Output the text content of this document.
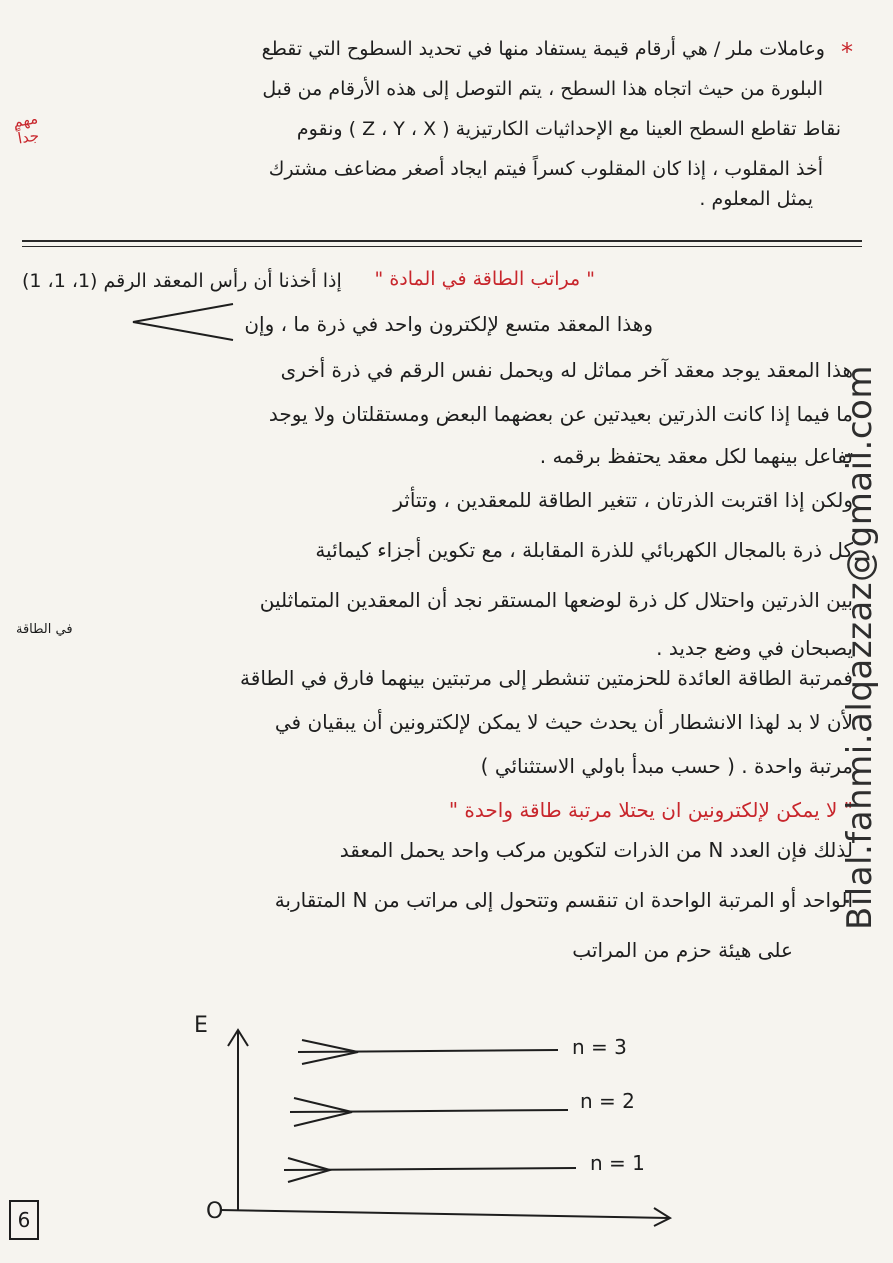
*
وعاملات ملر / هي أرقام قيمة يستفاد منها في تحديد السطوح التي تقطع
البلورة من حيث اتجاه هذا السطح ، يتم التوصل إلى هذه الأرقام من قبل
نقاط تقاطع السطح العينا مع الإحداثيات الكارتيزية ( Z ، Y ، X ) ونقوم
أخذ المقلوب ، إذا كان المقلوب كسراً فيتم ايجاد أصغر مضاعف مشترك
يمثل المعلوم .
مهم جداً
" مراتب الطاقة في المادة "
إذا أخذنا أن رأس المعقد الرقم (1، 1، 1)
وهذا المعقد متسع لإلكترون واحد في ذرة ما ، وإن
هذا المعقد يوجد معقد آخر مماثل له ويحمل نفس الرقم في ذرة أخرى
ما فيما إذا كانت الذرتين بعيدتين عن بعضهما البعض ومستقلتان ولا يوجد
تفاعل بينهما لكل معقد يحتفظ برقمه .
ولكن إذا اقتربت الذرتان ، تتغير الطاقة للمعقدين ، وتتأثر
كل ذرة بالمجال الكهربائي للذرة المقابلة ، مع تكوين أجزاء كيمائية
بين الذرتين واحتلال كل ذرة لوضعها المستقر نجد أن المعقدين المتماثلين
يصبحان في وضع جديد .
في الطاقة
فمرتبة الطاقة العائدة للحزمتين تنشطر إلى مرتبتين بينهما فارق في الطاقة
لأن لا بد لهذا الانشطار أن يحدث حيث لا يمكن لإلكترونين أن يبقيان في
مرتبة واحدة . ( حسب مبدأ باولي الاستثنائي )
" لا يمكن لإلكترونين ان يحتلا مرتبة طاقة واحدة "
لذلك فإن العدد N من الذرات لتكوين مركب واحد يحمل المعقد
الواحد أو المرتبة الواحدة ان تنقسم وتتحول إلى مراتب من N المتقاربة
على هيئة حزم من المراتب
E
O
n = 3
n = 2
n = 1
Bilal.fahmi.alqazzaz@gmail.com
6
